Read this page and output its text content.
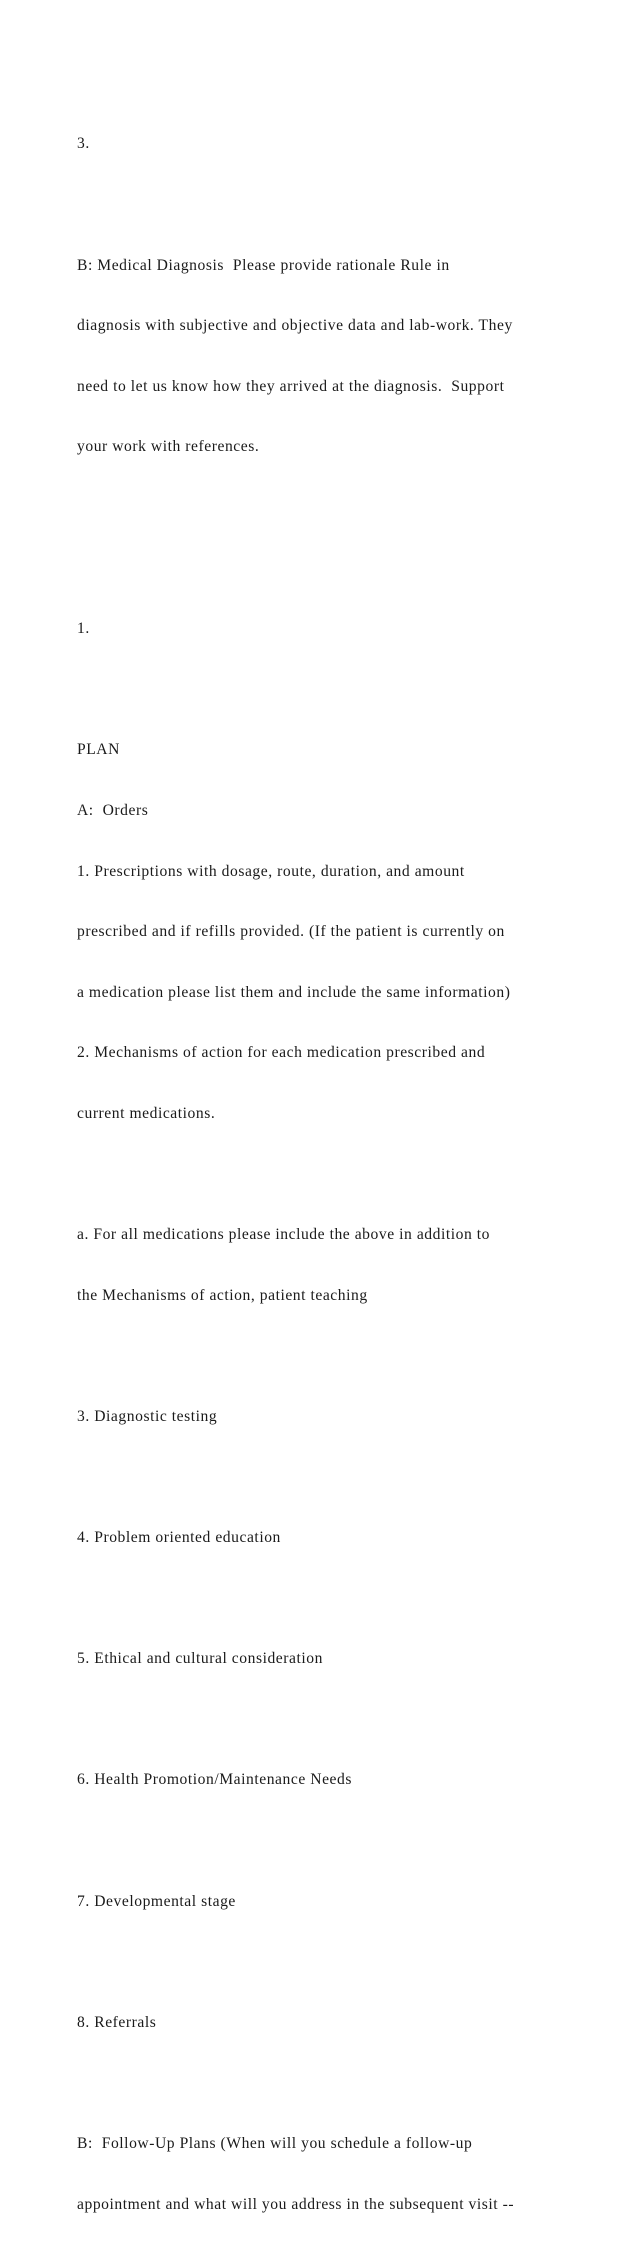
3.

B: Medical Diagnosis  Please provide rationale Rule in

diagnosis with subjective and objective data and lab-work. They

need to let us know how they arrived at the diagnosis.  Support

your work with references.

1.

PLAN

A:  Orders

1. Prescriptions with dosage, route, duration, and amount

prescribed and if refills provided. (If the patient is currently on

a medication please list them and include the same information)

2. Mechanisms of action for each medication prescribed and

current medications.

a. For all medications please include the above in addition to

the Mechanisms of action, patient teaching

3. Diagnostic testing

4. Problem oriented education

5. Ethical and cultural consideration

6. Health Promotion/Maintenance Needs

7. Developmental stage

8. Referrals

B:  Follow-Up Plans (When will you schedule a follow-up

appointment and what will you address in the subsequent visit --
